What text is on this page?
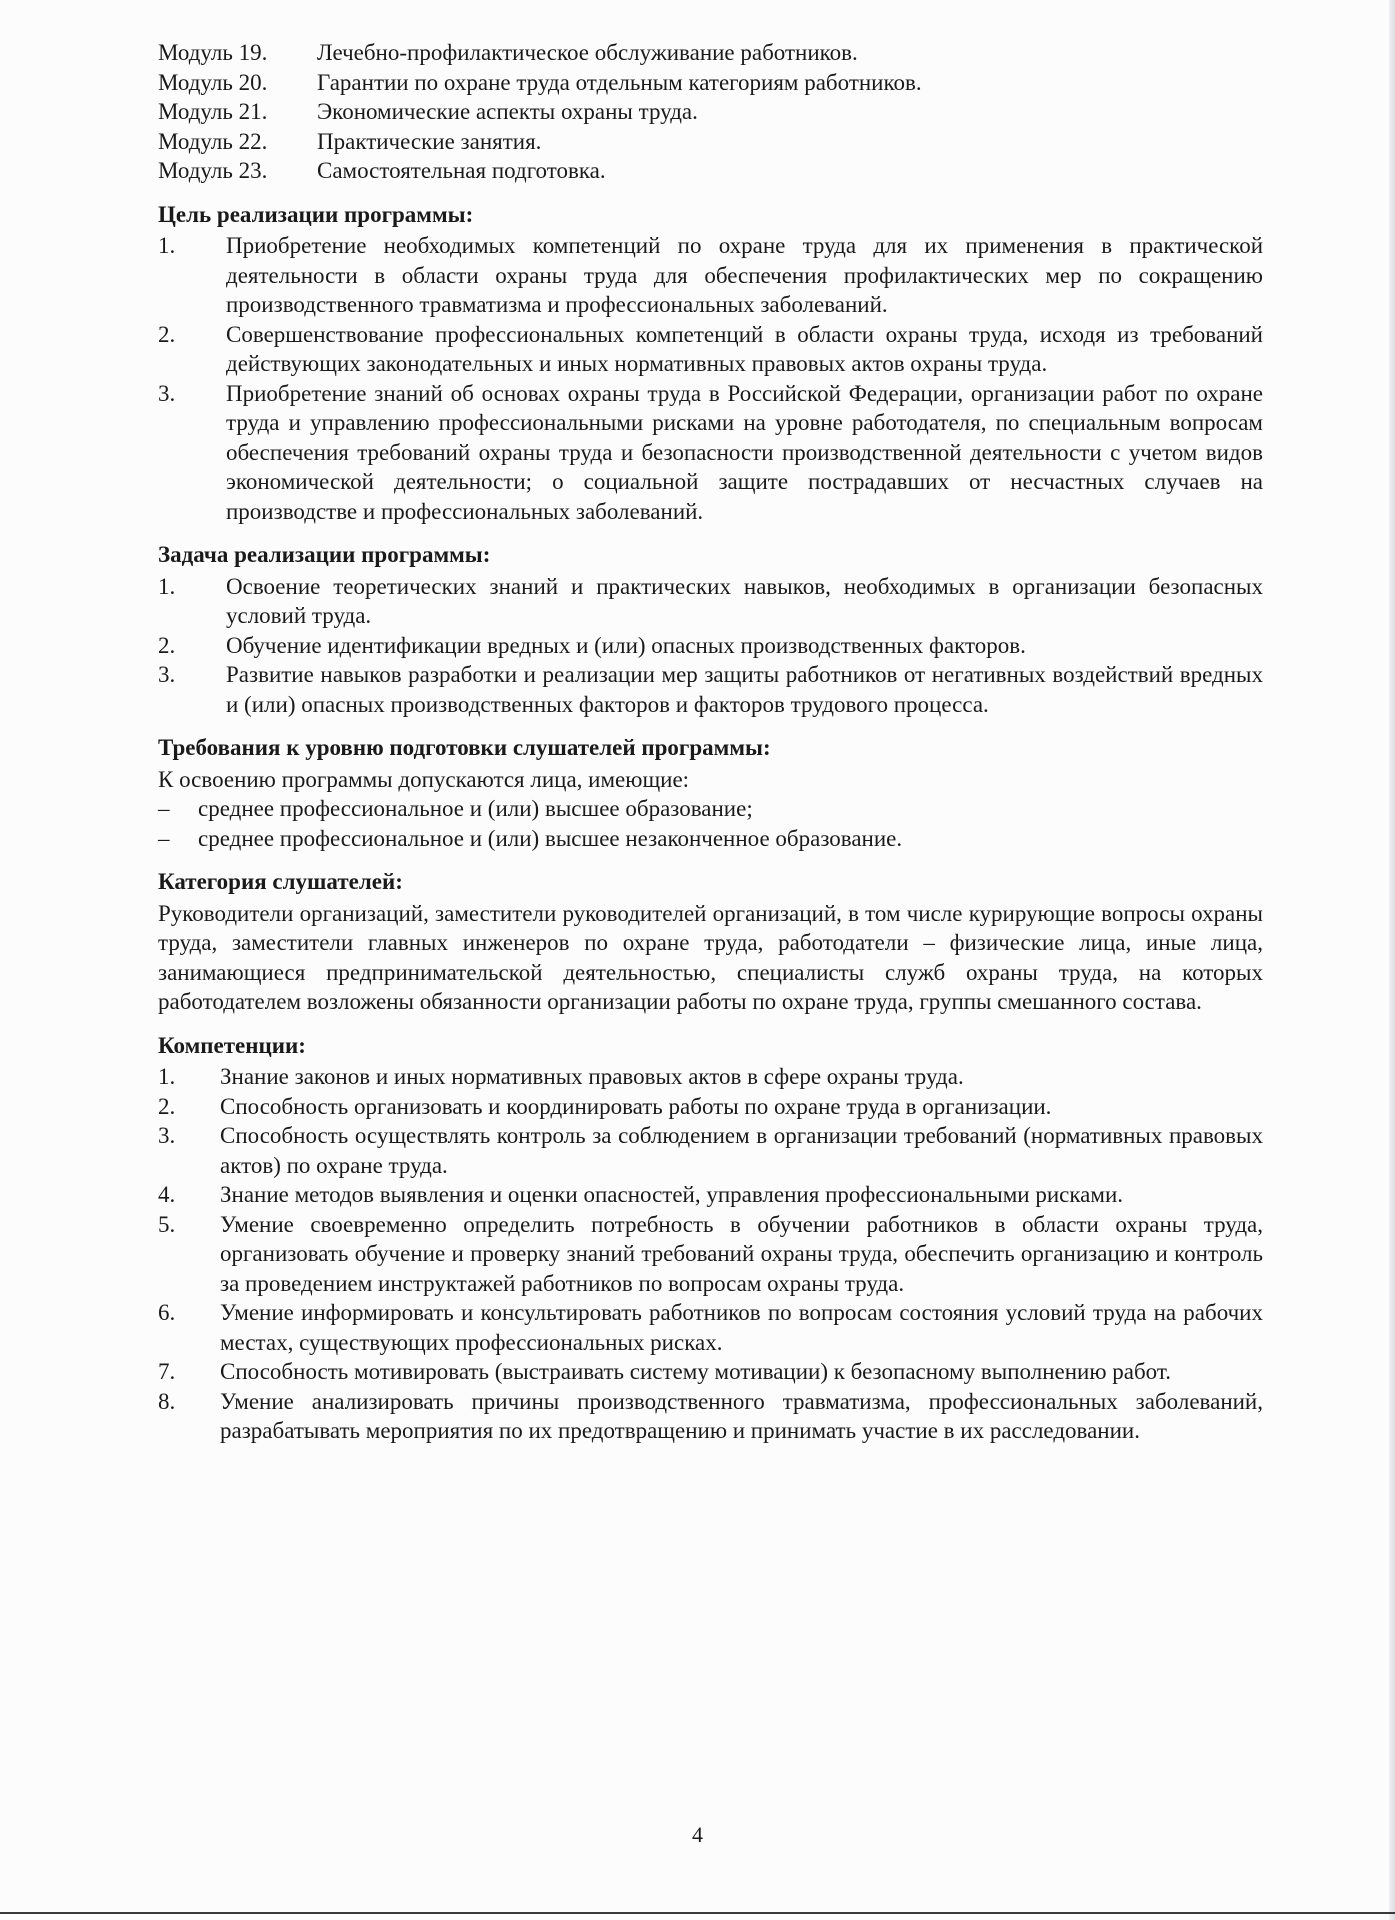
Модуль 19.	Лечебно-профилактическое обслуживание работников.
Модуль 20.	Гарантии по охране труда отдельным категориям работников.
Модуль 21.	Экономические аспекты охраны труда.
Модуль 22.	Практические занятия.
Модуль 23.	Самостоятельная подготовка.
Цель реализации программы:
1.	Приобретение необходимых компетенций по охране труда для их применения в практической деятельности в области охраны труда для обеспечения профилактических мер по сокращению производственного травматизма и профессиональных заболеваний.
2.	Совершенствование профессиональных компетенций в области охраны труда, исходя из требований действующих законодательных и иных нормативных правовых актов охраны труда.
3.	Приобретение знаний об основах охраны труда в Российской Федерации, организации работ по охране труда и управлению профессиональными рисками на уровне работодателя, по специальным вопросам обеспечения требований охраны труда и безопасности производственной деятельности с учетом видов экономической деятельности; о социальной защите пострадавших от несчастных случаев на производстве и профессиональных заболеваний.
Задача реализации программы:
1.	Освоение теоретических знаний и практических навыков, необходимых в организации безопасных условий труда.
2.	Обучение идентификации вредных и (или) опасных производственных факторов.
3.	Развитие навыков разработки и реализации мер защиты работников от негативных воздействий вредных и (или) опасных производственных факторов и факторов трудового процесса.
Требования к уровню подготовки слушателей программы:
К освоению программы допускаются лица, имеющие:
–	среднее профессиональное и (или) высшее образование;
–	среднее профессиональное и (или) высшее незаконченное образование.
Категория слушателей:
Руководители организаций, заместители руководителей организаций, в том числе курирующие вопросы охраны труда, заместители главных инженеров по охране труда, работодатели – физические лица, иные лица, занимающиеся предпринимательской деятельностью, специалисты служб охраны труда, на которых работодателем возложены обязанности организации работы по охране труда, группы смешанного состава.
Компетенции:
1.	Знание законов и иных нормативных правовых актов в сфере охраны труда.
2.	Способность организовать и координировать работы по охране труда в организации.
3.	Способность осуществлять контроль за соблюдением в организации требований (нормативных правовых актов) по охране труда.
4.	Знание методов выявления и оценки опасностей, управления профессиональными рисками.
5.	Умение своевременно определить потребность в обучении работников в области охраны труда, организовать обучение и проверку знаний требований охраны труда, обеспечить организацию и контроль за проведением инструктажей работников по вопросам охраны труда.
6.	Умение информировать и консультировать работников по вопросам состояния условий труда на рабочих местах, существующих профессиональных рисках.
7.	Способность мотивировать (выстраивать систему мотивации) к безопасному выполнению работ.
8.	Умение анализировать причины производственного травматизма, профессиональных заболеваний, разрабатывать мероприятия по их предотвращению и принимать участие в их расследовании.
4
